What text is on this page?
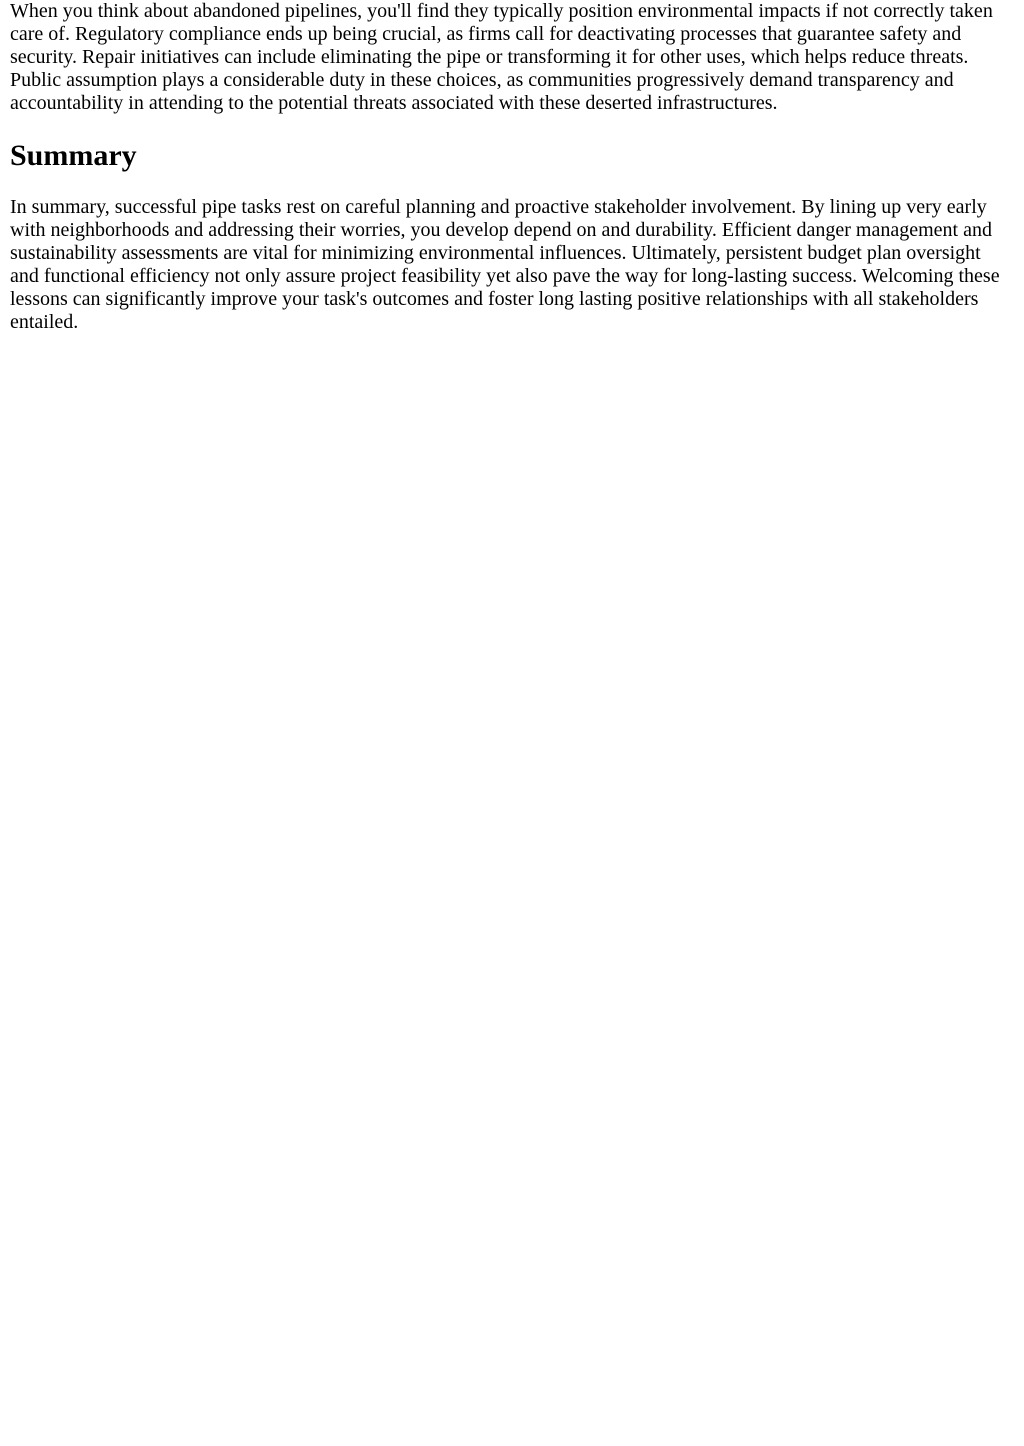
When you think about abandoned pipelines, you'll find they typically position environmental impacts if not correctly taken care of. Regulatory compliance ends up being crucial, as firms call for deactivating processes that guarantee safety and security. Repair initiatives can include eliminating the pipe or transforming it for other uses, which helps reduce threats. Public assumption plays a considerable duty in these choices, as communities progressively demand transparency and accountability in attending to the potential threats associated with these deserted infrastructures.

Summary

In summary, successful pipe tasks rest on careful planning and proactive stakeholder involvement. By lining up very early with neighborhoods and addressing their worries, you develop depend on and durability. Efficient danger management and sustainability assessments are vital for minimizing environmental influences. Ultimately, persistent budget plan oversight and functional efficiency not only assure project feasibility yet also pave the way for long-lasting success. Welcoming these lessons can significantly improve your task's outcomes and foster long lasting positive relationships with all stakeholders entailed.
